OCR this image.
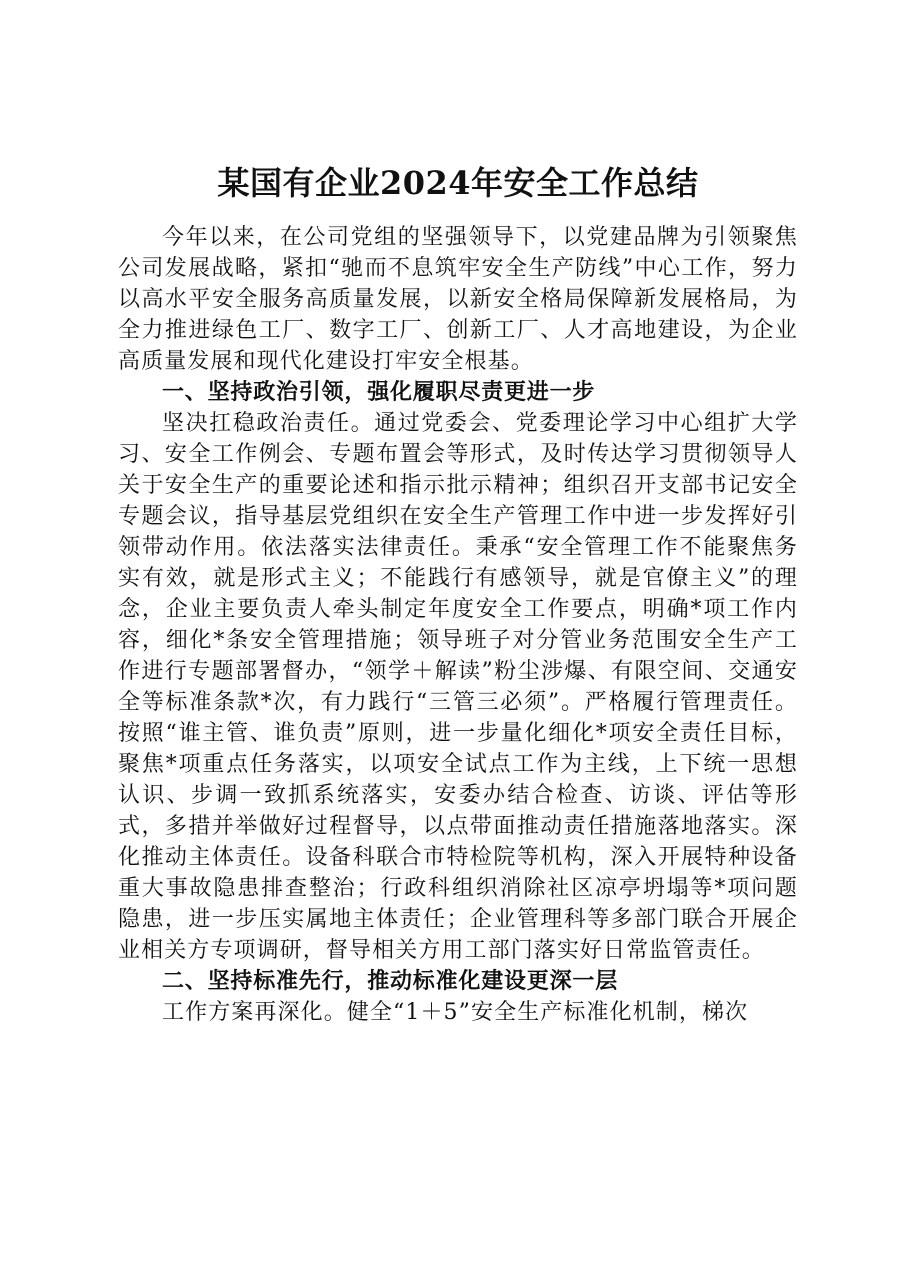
某国有企业2024年安全工作总结

今年以来，在公司党组的坚强领导下，以党建品牌为引领聚焦公司发展战略，紧扣“驰而不息筑牢安全生产防线”中心工作，努力以高水平安全服务高质量发展，以新安全格局保障新发展格局，为全力推进绿色工厂、数字工厂、创新工厂、人才高地建设，为企业高质量发展和现代化建设打牢安全根基。

一、坚持政治引领，强化履职尽责更进一步

坚决扛稳政治责任。通过党委会、党委理论学习中心组扩大学习、安全工作例会、专题布置会等形式，及时传达学习贯彻领导人关于安全生产的重要论述和指示批示精神；组织召开支部书记安全专题会议，指导基层党组织在安全生产管理工作中进一步发挥好引领带动作用。依法落实法律责任。秉承“安全管理工作不能聚焦务实有效，就是形式主义；不能践行有感领导，就是官僚主义”的理念，企业主要负责人牵头制定年度安全工作要点，明确*项工作内容，细化*条安全管理措施；领导班子对分管业务范围安全生产工作进行专题部署督办，“领学＋解读”粉尘涉爆、有限空间、交通安全等标准条款*次，有力践行“三管三必须”。严格履行管理责任。按照“谁主管、谁负责”原则，进一步量化细化*项安全责任目标，聚焦*项重点任务落实，以项安全试点工作为主线，上下统一思想认识、步调一致抓系统落实，安委办结合检查、访谈、评估等形式，多措并举做好过程督导，以点带面推动责任措施落地落实。深化推动主体责任。设备科联合市特检院等机构，深入开展特种设备重大事故隐患排查整治；行政科组织消除社区凉亭坍塌等*项问题隐患，进一步压实属地主体责任；企业管理科等多部门联合开展企业相关方专项调研，督导相关方用工部门落实好日常监管责任。

二、坚持标准先行，推动标准化建设更深一层

工作方案再深化。健全“1＋5”安全生产标准化机制，梯次
